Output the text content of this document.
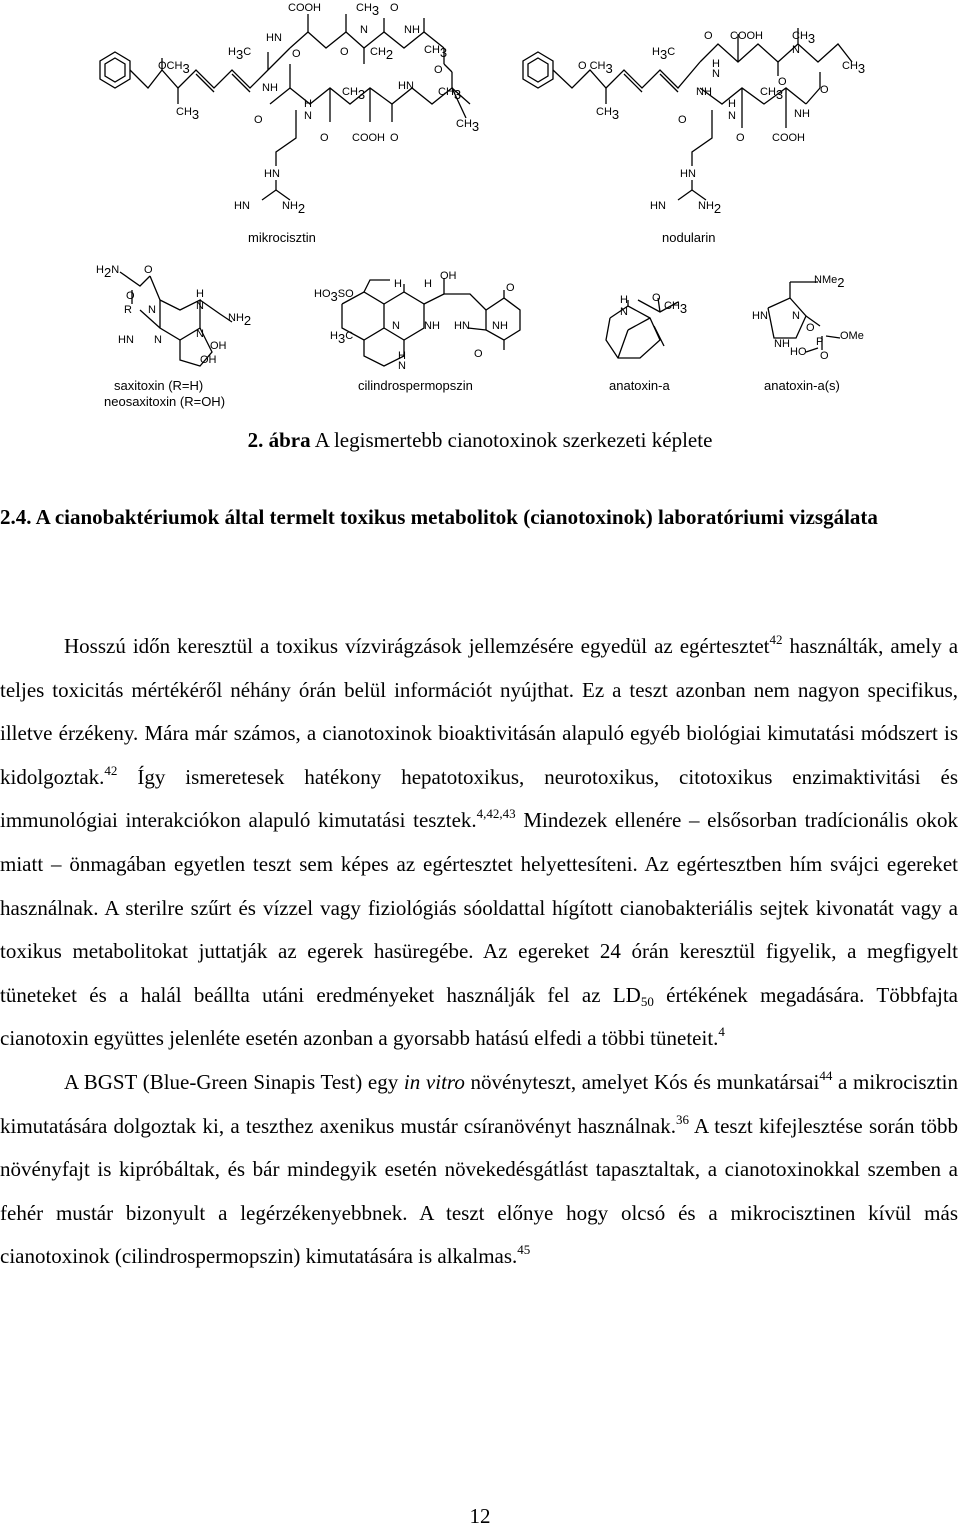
$OCH_3$
$CH_3$
$H_3C$
COOH	$CH_3$ O
HN
O
N
O $CH_2$
NH
$CH_3$
O
NH
H
N
$CH_3$
HN $CH_3$
$CH_3$
O
O COOH O
HN
HN	$NH_2$
O $CH_3$
$CH_3$
$H_3C$
O COOH	$CH_3$
H
N
O
N
$CH_3$
O
NH
H
N
$CH_3$
NH
O
O COOH
HN
HN	$NH_2$
$H_2N$ O
O
R N
H
N
$NH_2$
HN N	N
OH
OH
$HO_3SO$
$H_3C$
H H
OH
O
N NH HN NH
H
N
O
H
N
O
$CH_3$
NMe$_2$
HN N
O
OMe
P
NH
HO O
mikrocisztin	nodularin
saxitoxin (R=H)
neosaxitoxin (R=OH)
cilindrospermopszin	anatoxin-a	anatoxin-a(s)
2. ábra A legismertebb cianotoxinok szerkezeti képlete
2.4. A cianobaktériumok által termelt toxikus metabolitok (cianotoxinok) laboratóriumi vizsgálata

Hosszú időn keresztül a toxikus vízvirágzások jellemzésére egyedül az egértesztet$^{42}$ használták, amely a teljes toxicitás mértékéről néhány órán belül információt nyújthat. Ez a teszt azonban nem nagyon specifikus, illetve érzékeny. Mára már számos, a cianotoxinok bioaktivitásán alapuló egyéb biológiai kimutatási módszert is kidolgoztak.$^{42}$ Így ismeretesek hatékony hepatotoxikus, neurotoxikus, citotoxikus enzimaktivitási és immunológiai interakciókon alapuló kimutatási tesztek.$^{4,42,43}$ Mindezek ellenére – elsősorban tradícionális okok miatt – önmagában egyetlen teszt sem képes az egértesztet helyettesíteni. Az egértesztben hím svájci egereket használnak. A sterilre szűrt és vízzel vagy fiziológiás sóoldattal hígított cianobakteriális sejtek kivonatát vagy a toxikus metabolitokat juttatják az egerek hasüregébe. Az egereket 24 órán keresztül figyelik, a megfigyelt tüneteket és a halál beállta utáni eredményeket használják fel az $LD_{50}$ értékének megadására. Többfajta cianotoxin együttes jelenléte esetén azonban a gyorsabb hatású elfedi a többi tüneteit.$^4$

A BGST (Blue-Green Sinapis Test) egy in vitro növényteszt, amelyet Kós és munkatársai$^{44}$ a mikrocisztin kimutatására dolgoztak ki, a teszthez axenikus mustár csíranövényt használnak.$^{36}$ A teszt kifejlesztése során több növényfajt is kipróbáltak, és bár mindegyik esetén növekedésgátlást tapasztaltak, a cianotoxinokkal szemben a fehér mustár bizonyult a legérzékenyebbnek. A teszt előnye hogy olcsó és a mikrocisztinen kívül más cianotoxinok (cilindrospermopszin) kimutatására is alkalmas.$^{45}$

12
